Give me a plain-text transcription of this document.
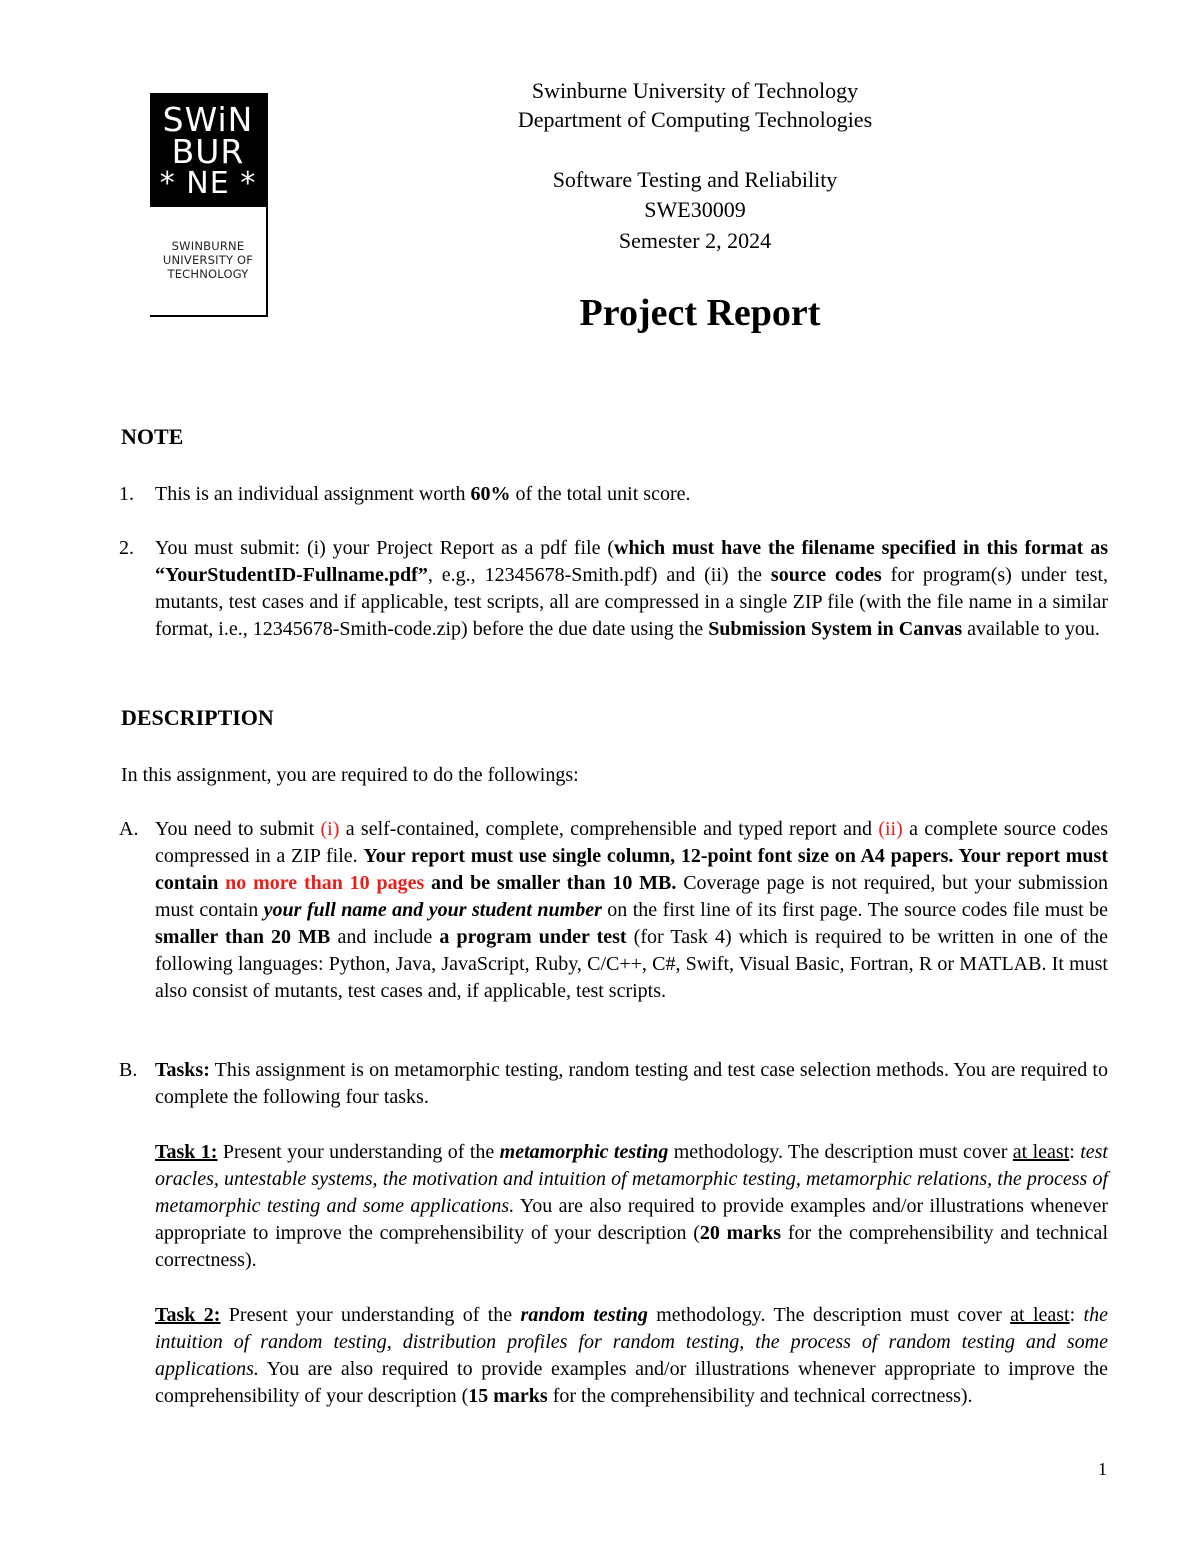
SWiN
BUR
* NE *
SWINBURNE
UNIVERSITY OF
TECHNOLOGY
Swinburne University of Technology
Department of Computing Technologies
Software Testing and Reliability
SWE30009
Semester 2, 2024
Project Report
NOTE
1. This is an individual assignment worth 60% of the total unit score.
2. You must submit: (i) your Project Report as a pdf file (which must have the filename specified in this format as “YourStudentID-Fullname.pdf”, e.g., 12345678-Smith.pdf) and (ii) the source codes for program(s) under test, mutants, test cases and if applicable, test scripts, all are compressed in a single ZIP file (with the file name in a similar format, i.e., 12345678-Smith-code.zip) before the due date using the Submission System in Canvas available to you.
DESCRIPTION
In this assignment, you are required to do the followings:
A. You need to submit (i) a self-contained, complete, comprehensible and typed report and (ii) a complete source codes compressed in a ZIP file. Your report must use single column, 12-point font size on A4 papers. Your report must contain no more than 10 pages and be smaller than 10 MB. Coverage page is not required, but your submission must contain your full name and your student number on the first line of its first page. The source codes file must be smaller than 20 MB and include a program under test (for Task 4) which is required to be written in one of the following languages: Python, Java, JavaScript, Ruby, C/C++, C#, Swift, Visual Basic, Fortran, R or MATLAB. It must also consist of mutants, test cases and, if applicable, test scripts.
B. Tasks: This assignment is on metamorphic testing, random testing and test case selection methods. You are required to complete the following four tasks.
Task 1: Present your understanding of the metamorphic testing methodology. The description must cover at least: test oracles, untestable systems, the motivation and intuition of metamorphic testing, metamorphic relations, the process of metamorphic testing and some applications. You are also required to provide examples and/or illustrations whenever appropriate to improve the comprehensibility of your description (20 marks for the comprehensibility and technical correctness).
Task 2: Present your understanding of the random testing methodology. The description must cover at least: the intuition of random testing, distribution profiles for random testing, the process of random testing and some applications. You are also required to provide examples and/or illustrations whenever appropriate to improve the comprehensibility of your description (15 marks for the comprehensibility and technical correctness).
1
